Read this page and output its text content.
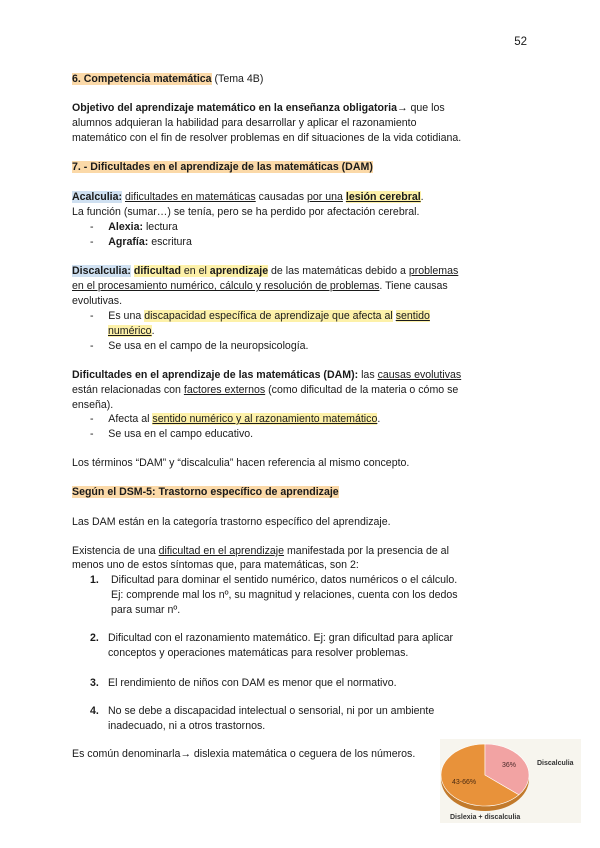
52
6. Competencia matemática (Tema 4B)
Objetivo del aprendizaje matemático en la enseñanza obligatoria→ que los
alumnos adquieran la habilidad para desarrollar y aplicar el razonamiento
matemático con el fin de resolver problemas en dif situaciones de la vida cotidiana.
7. - Dificultades en el aprendizaje de las matemáticas (DAM)
Acalculia: dificultades en matemáticas causadas por una lesión cerebral.
La función (sumar…) se tenía, pero se ha perdido por afectación cerebral.
-     Alexia: lectura
-     Agrafía: escritura
Discalculia: dificultad en el aprendizaje de las matemáticas debido a problemas
en el procesamiento numérico, cálculo y resolución de problemas. Tiene causas
evolutivas.
-     Es una discapacidad específica de aprendizaje que afecta al sentido
numérico.
-     Se usa en el campo de la neuropsicología.
Dificultades en el aprendizaje de las matemáticas (DAM): las causas evolutivas
están relacionadas con factores externos (como dificultad de la materia o cómo se
enseña).
-     Afecta al sentido numérico y al razonamiento matemático.
-     Se usa en el campo educativo.
Los términos “DAM” y “discalculia” hacen referencia al mismo concepto.
Según el DSM-5: Trastorno específico de aprendizaje
Las DAM están en la categoría trastorno específico del aprendizaje.
Existencia de una dificultad en el aprendizaje manifestada por la presencia de al
menos uno de estos síntomas que, para matemáticas, son 2:
1. Dificultad para dominar el sentido numérico, datos numéricos o el cálculo.
Ej: comprende mal los nº, su magnitud y relaciones, cuenta con los dedos
para sumar nº.
2. Dificultad con el razonamiento matemático. Ej: gran dificultad para aplicar
conceptos y operaciones matemáticas para resolver problemas.
3. El rendimiento de niños con DAM es menor que el normativo.
4. No se debe a discapacidad intelectual o sensorial, ni por un ambiente
inadecuado, ni a otros trastornos.
Es común denominarla→ dislexia matemática o ceguera de los números.
36%
43-66%
Discalculia
Dislexia + discalculia
